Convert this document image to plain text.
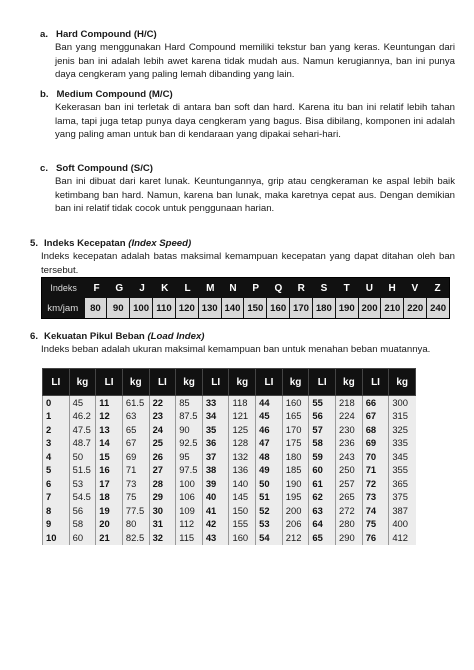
a. Hard Compound (H/C)
Ban yang menggunakan Hard Compound memiliki tekstur ban yang keras. Keuntungan dari jenis ban ini adalah lebih awet karena tidak mudah aus. Namun kerugiannya, ban ini punya daya cengkeram yang paling lemah dibanding yang lain.
b. Medium Compound (M/C)
Kekerasan ban ini terletak di antara ban soft dan hard. Karena itu ban ini relatif lebih tahan lama, tapi juga tetap punya daya cengkeram yang bagus. Bisa dibilang, komponen ini adalah yang paling aman untuk ban di kendaraan yang dipakai sehari-hari.
c. Soft Compound (S/C)
Ban ini dibuat dari karet lunak. Keuntungannya, grip atau cengkeraman ke aspal lebih baik ketimbang ban hard. Namun, karena ban lunak, maka karetnya cepat aus. Dengan demikian ban ini relatif tidak cocok untuk penggunaan harian.
5. Indeks Kecepatan (Index Speed)
Indeks kecepatan adalah batas maksimal kemampuan kecepatan yang dapat ditahan oleh ban tersebut.
Indeks	F	G	J	K	L	M	N	P	Q	R	S	T	U	H	V	Z
km/jam	80	90 100 110 120 130 140 150 160 170 180 190 200 210 220 240
6. Kekuatan Pikul Beban (Load Index)
Indeks beban adalah ukuran maksimal kemampuan ban untuk menahan beban muatannya.
LI	kg	LI	kg	LI	kg	LI	kg	LI	kg	LI	kg	LI	kg
0	45	11	61.5	22	85	33	118	44	160	55	218	66	300
1	46.2	12	63	23	87.5	34	121	45	165	56	224	67	315
2	47.5	13	65	24	90	35	125	46	170	57	230	68	325
3	48.7	14	67	25	92.5	36	128	47	175	58	236	69	335
4	50	15	69	26	95	37	132	48	180	59	243	70	345
5	51.5	16	71	27	97.5	38	136	49	185	60	250	71	355
6	53	17	73	28	100	39	140	50	190	61	257	72	365
7	54.5	18	75	29	106	40	145	51	195	62	265	73	375
8	56	19	77.5	30	109	41	150	52	200	63	272	74	387
9	58	20	80	31	112	42	155	53	206	64	280	75	400
10	60	21	82.5	32	115	43	160	54	212	65	290	76	412
